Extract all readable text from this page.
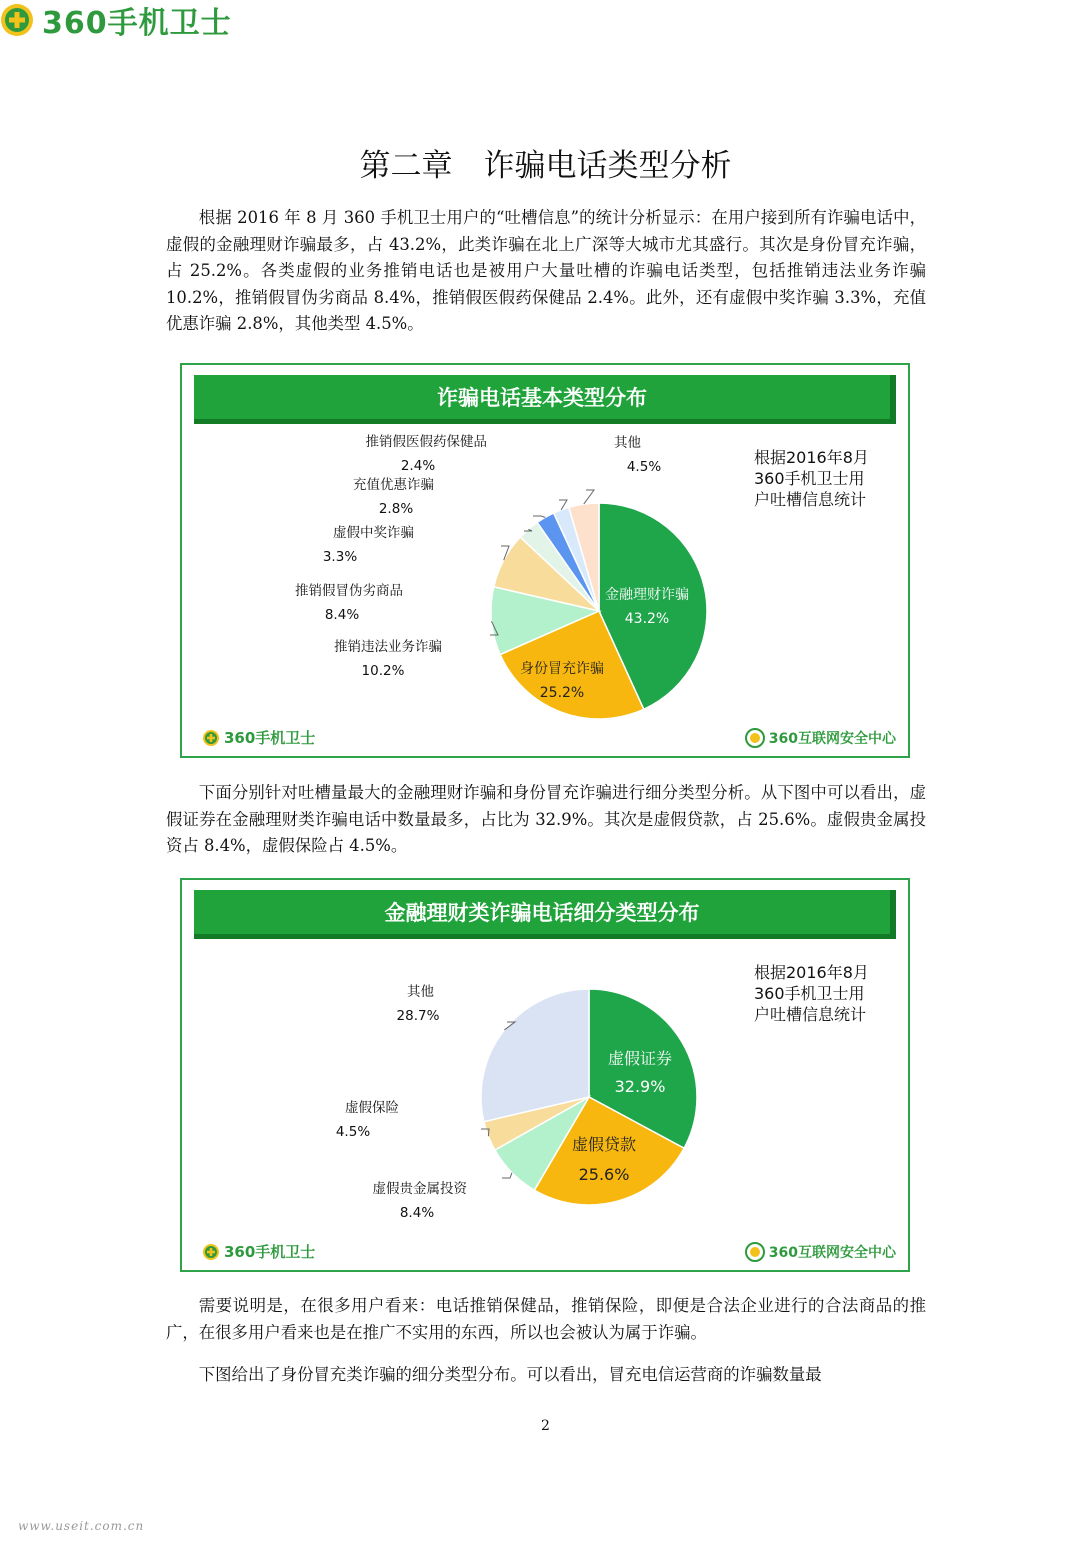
360手机卫士
第二章　诈骗电话类型分析

根据 2016 年 8 月 360 手机卫士用户的“吐槽信息”的统计分析显示：在用户接到所有诈骗电话中，虚假的金融理财诈骗最多，占 43.2%，此类诈骗在北上广深等大城市尤其盛行。其次是身份冒充诈骗，占 25.2%。各类虚假的业务推销电话也是被用户大量吐槽的诈骗电话类型，包括推销违法业务诈骗 10.2%，推销假冒伪劣商品 8.4%，推销假医假药保健品 2.4%。此外，还有虚假中奖诈骗 3.3%，充值优惠诈骗 2.8%，其他类型 4.5%。

诈骗电话基本类型分布
根据2016年8月
360手机卫士用
户吐槽信息统计
金融理财诈骗
43.2%
身份冒充诈骗
25.2%
推销违法业务诈骗
10.2%
推销假冒伪劣商品
8.4%
虚假中奖诈骗
3.3%
充值优惠诈骗
2.8%
推销假医假药保健品
2.4%
其他
4.5%
360手机卫士	360互联网安全中心

下面分别针对吐槽量最大的金融理财诈骗和身份冒充诈骗进行细分类型分析。从下图中可以看出，虚假证券在金融理财类诈骗电话中数量最多，占比为 32.9%。其次是虚假贷款，占 25.6%。虚假贵金属投资占 8.4%，虚假保险占 4.5%。

金融理财类诈骗电话细分类型分布
根据2016年8月
360手机卫士用
户吐槽信息统计
虚假证券
32.9%
虚假贷款
25.6%
虚假贵金属投资
8.4%
虚假保险
4.5%
其他
28.7%
360手机卫士	360互联网安全中心

需要说明是，在很多用户看来：电话推销保健品，推销保险，即便是合法企业进行的合法商品的推广，在很多用户看来也是在推广不实用的东西，所以也会被认为属于诈骗。

下图给出了身份冒充类诈骗的细分类型分布。可以看出，冒充电信运营商的诈骗数量最

2
www.useit.com.cn
